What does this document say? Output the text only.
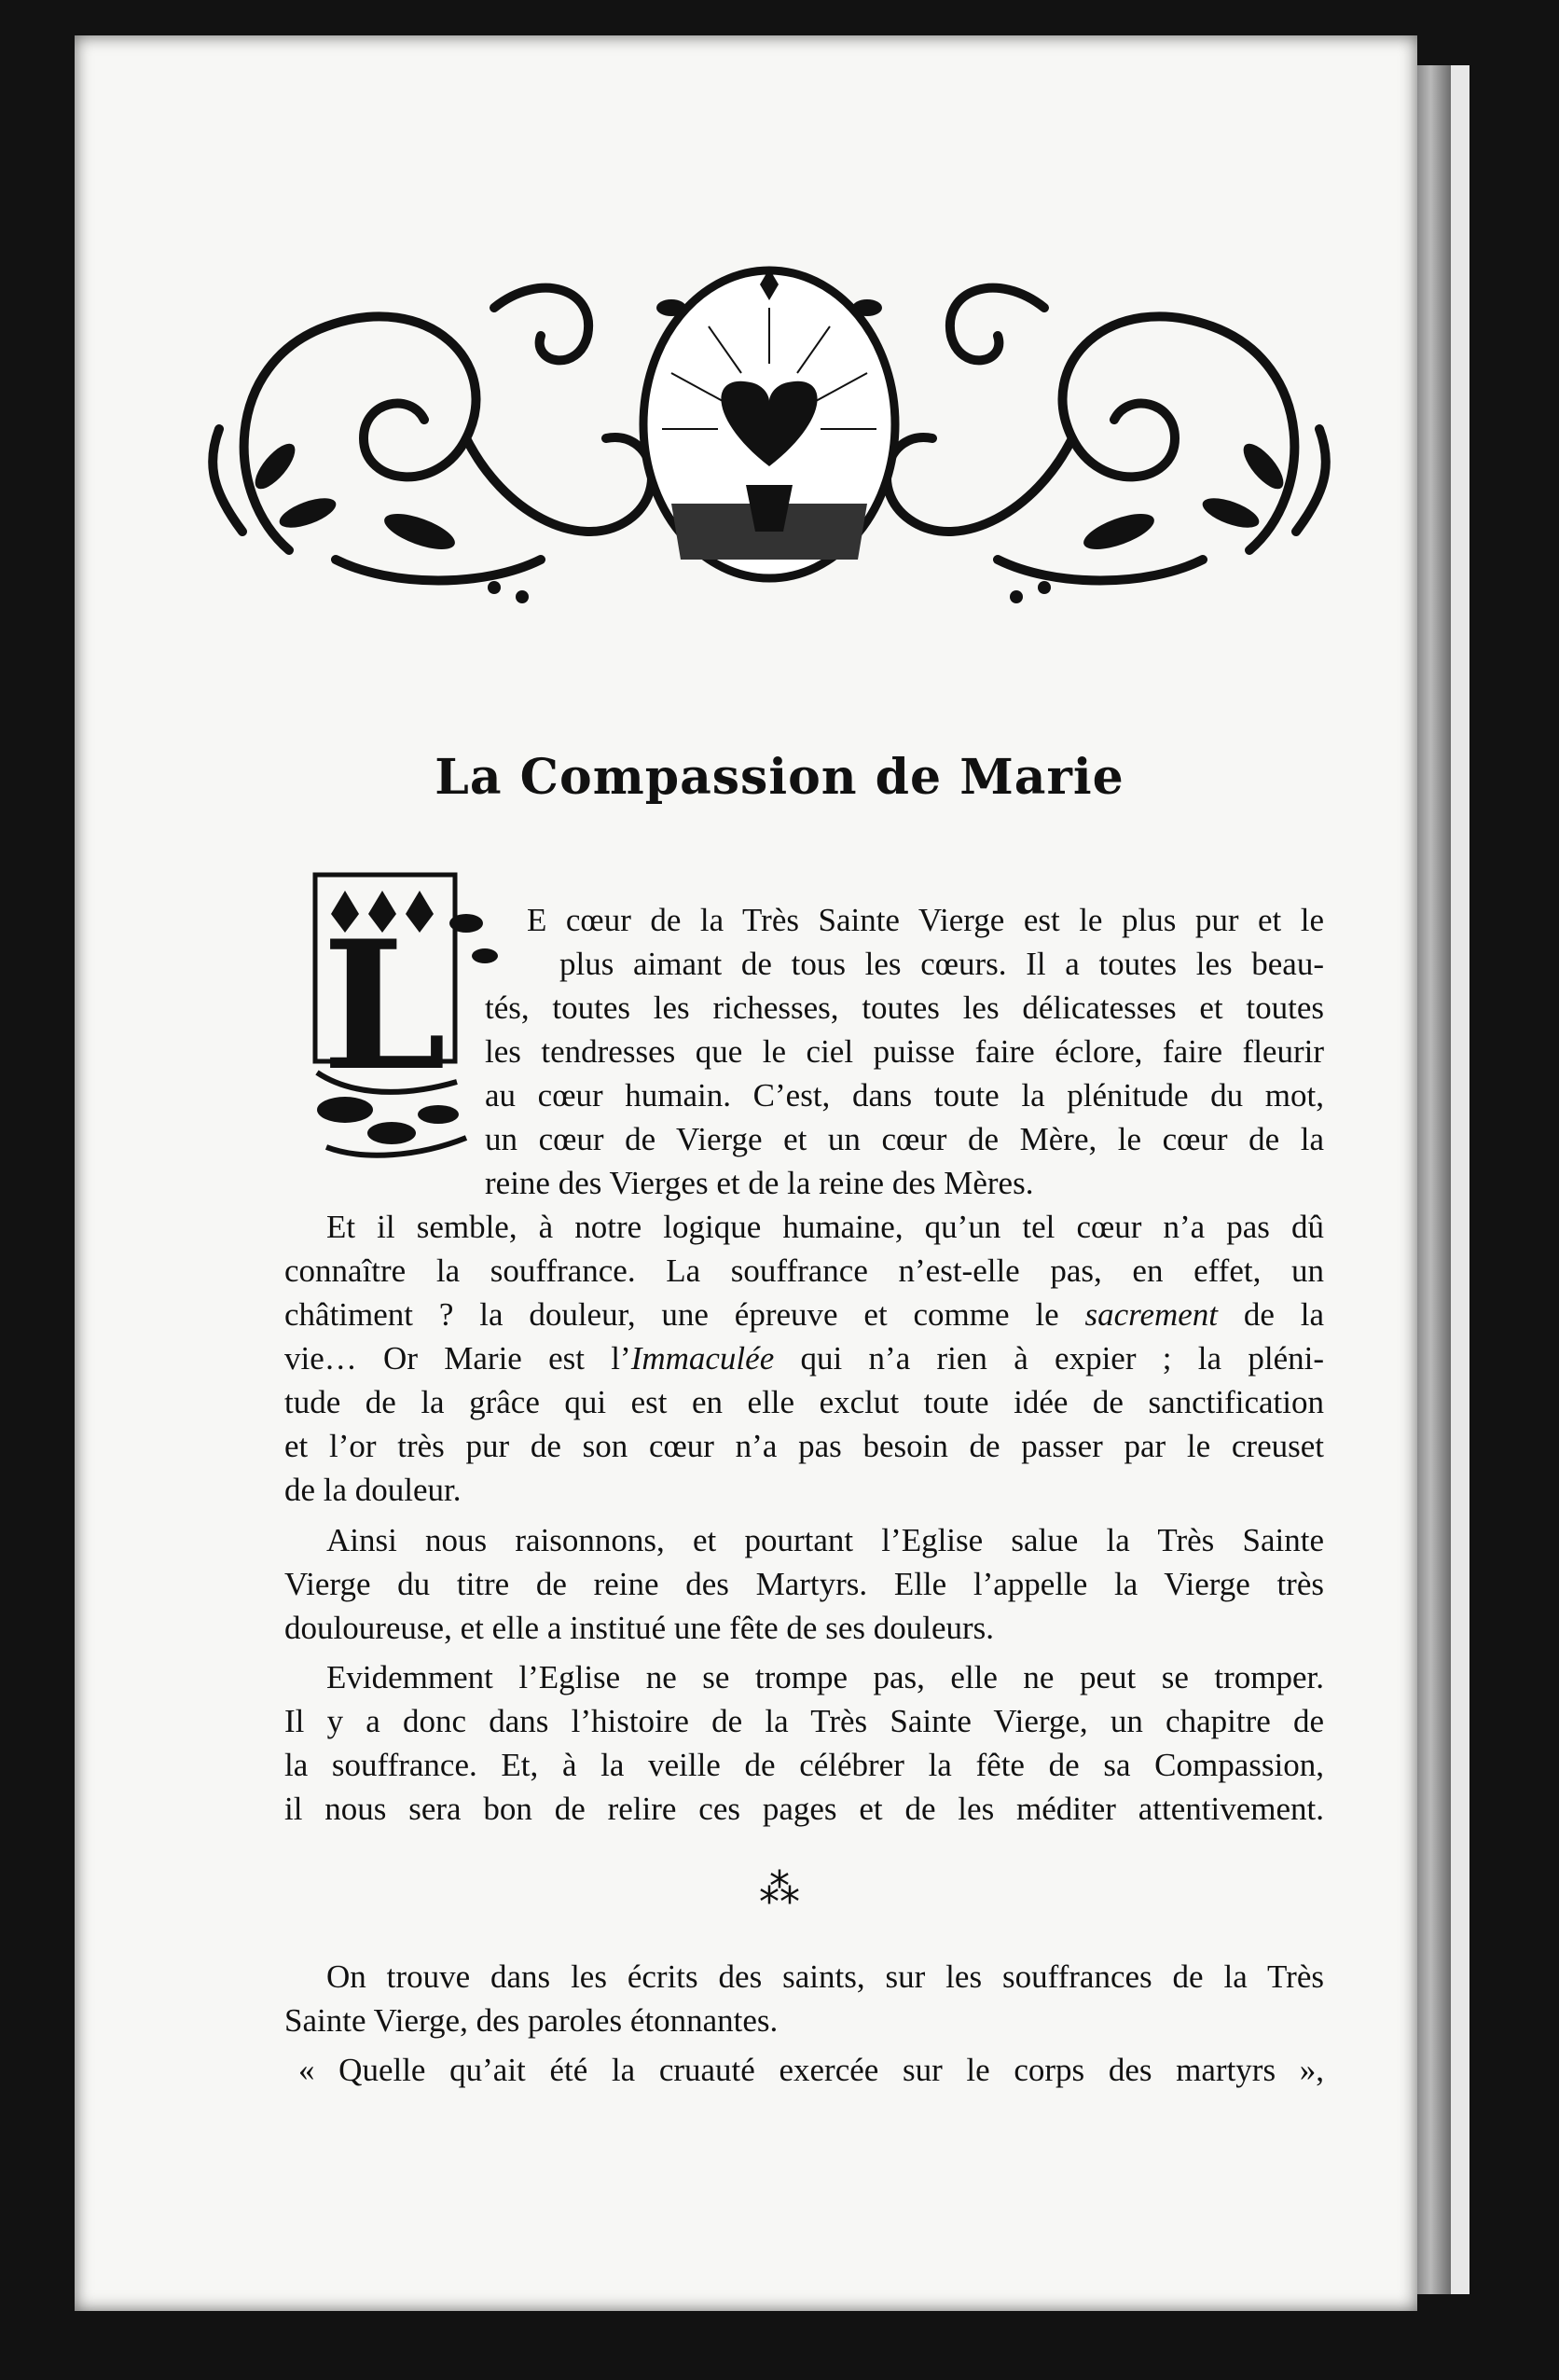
La Compassion de Marie
L E cœur de la Très Sainte Vierge est le plus pur et le

plus aimant de tous les cœurs. Il a toutes les beau-

tés, toutes les richesses, toutes les délicatesses et toutes

les tendresses que le ciel puisse faire éclore, faire fleurir

au cœur humain. C’est, dans toute la plénitude du mot,

un cœur de Vierge et un cœur de Mère, le cœur de la

reine des Vierges et de la reine des Mères.

Et il semble, à notre logique humaine, qu’un tel cœur n’a pas dû

connaître la souffrance. La souffrance n’est-elle pas, en effet, un

châtiment ? la douleur, une épreuve et comme le sacrement de la

vie… Or Marie est l’Immaculée qui n’a rien à expier ; la pléni-

tude de la grâce qui est en elle exclut toute idée de sanctification

et l’or très pur de son cœur n’a pas besoin de passer par le creuset

de la douleur.

Ainsi nous raisonnons, et pourtant l’Eglise salue la Très Sainte

Vierge du titre de reine des Martyrs. Elle l’appelle la Vierge très

douloureuse, et elle a institué une fête de ses douleurs.

Evidemment l’Eglise ne se trompe pas, elle ne peut se tromper.

Il y a donc dans l’histoire de la Très Sainte Vierge, un chapitre de

la souffrance. Et, à la veille de célébrer la fête de sa Compassion,

il nous sera bon de relire ces pages et de les méditer attentivement.

⁂

On trouve dans les écrits des saints, sur les souffrances de la Très

Sainte Vierge, des paroles étonnantes.

« Quelle qu’ait été la cruauté exercée sur le corps des martyrs »,
